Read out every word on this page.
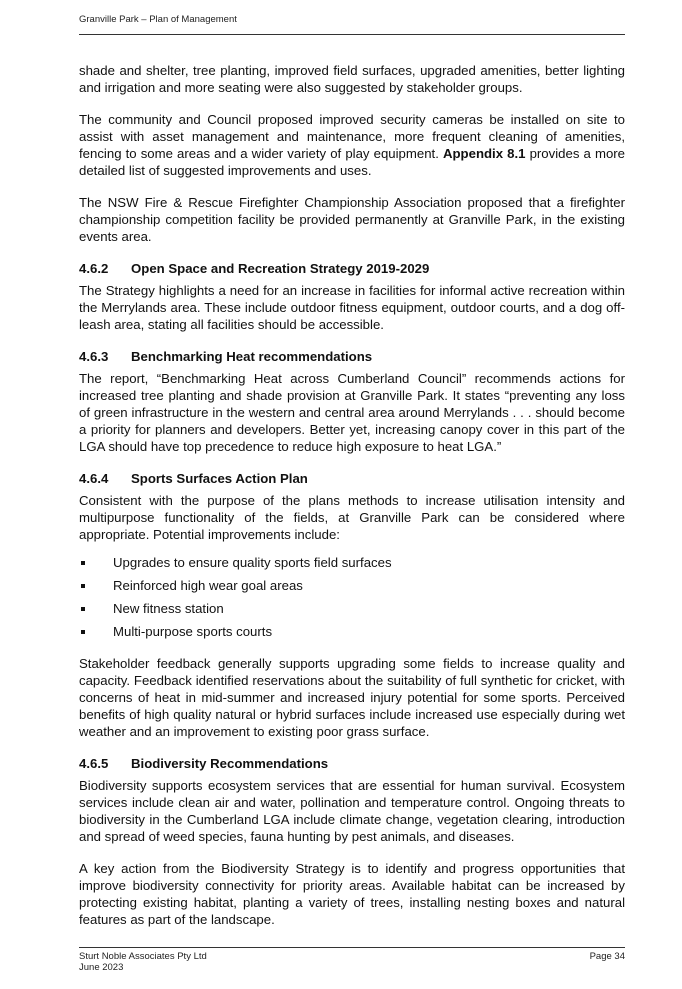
Granville Park – Plan of Management

shade and shelter, tree planting, improved field surfaces, upgraded amenities, better lighting and irrigation and more seating were also suggested by stakeholder groups.

The community and Council proposed improved security cameras be installed on site to assist with asset management and maintenance, more frequent cleaning of amenities, fencing to some areas and a wider variety of play equipment. Appendix 8.1 provides a more detailed list of suggested improvements and uses.

The NSW Fire & Rescue Firefighter Championship Association proposed that a firefighter championship competition facility be provided permanently at Granville Park, in the existing events area.

4.6.2 Open Space and Recreation Strategy 2019-2029

The Strategy highlights a need for an increase in facilities for informal active recreation within the Merrylands area. These include outdoor fitness equipment, outdoor courts, and a dog off-leash area, stating all facilities should be accessible.

4.6.3 Benchmarking Heat recommendations

The report, “Benchmarking Heat across Cumberland Council” recommends actions for increased tree planting and shade provision at Granville Park. It states “preventing any loss of green infrastructure in the western and central area around Merrylands . . . should become a priority for planners and developers. Better yet, increasing canopy cover in this part of the LGA should have top precedence to reduce high exposure to heat LGA.”

4.6.4 Sports Surfaces Action Plan

Consistent with the purpose of the plans methods to increase utilisation intensity and multipurpose functionality of the fields, at Granville Park can be considered where appropriate. Potential improvements include:

Upgrades to ensure quality sports field surfaces
Reinforced high wear goal areas
New fitness station
Multi-purpose sports courts

Stakeholder feedback generally supports upgrading some fields to increase quality and capacity. Feedback identified reservations about the suitability of full synthetic for cricket, with concerns of heat in mid-summer and increased injury potential for some sports. Perceived benefits of high quality natural or hybrid surfaces include increased use especially during wet weather and an improvement to existing poor grass surface.

4.6.5 Biodiversity Recommendations

Biodiversity supports ecosystem services that are essential for human survival. Ecosystem services include clean air and water, pollination and temperature control. Ongoing threats to biodiversity in the Cumberland LGA include climate change, vegetation clearing, introduction and spread of weed species, fauna hunting by pest animals, and diseases.

A key action from the Biodiversity Strategy is to identify and progress opportunities that improve biodiversity connectivity for priority areas. Available habitat can be increased by protecting existing habitat, planting a variety of trees, installing nesting boxes and natural features as part of the landscape.

Sturt Noble Associates Pty Ltd
June 2023
Page 34
